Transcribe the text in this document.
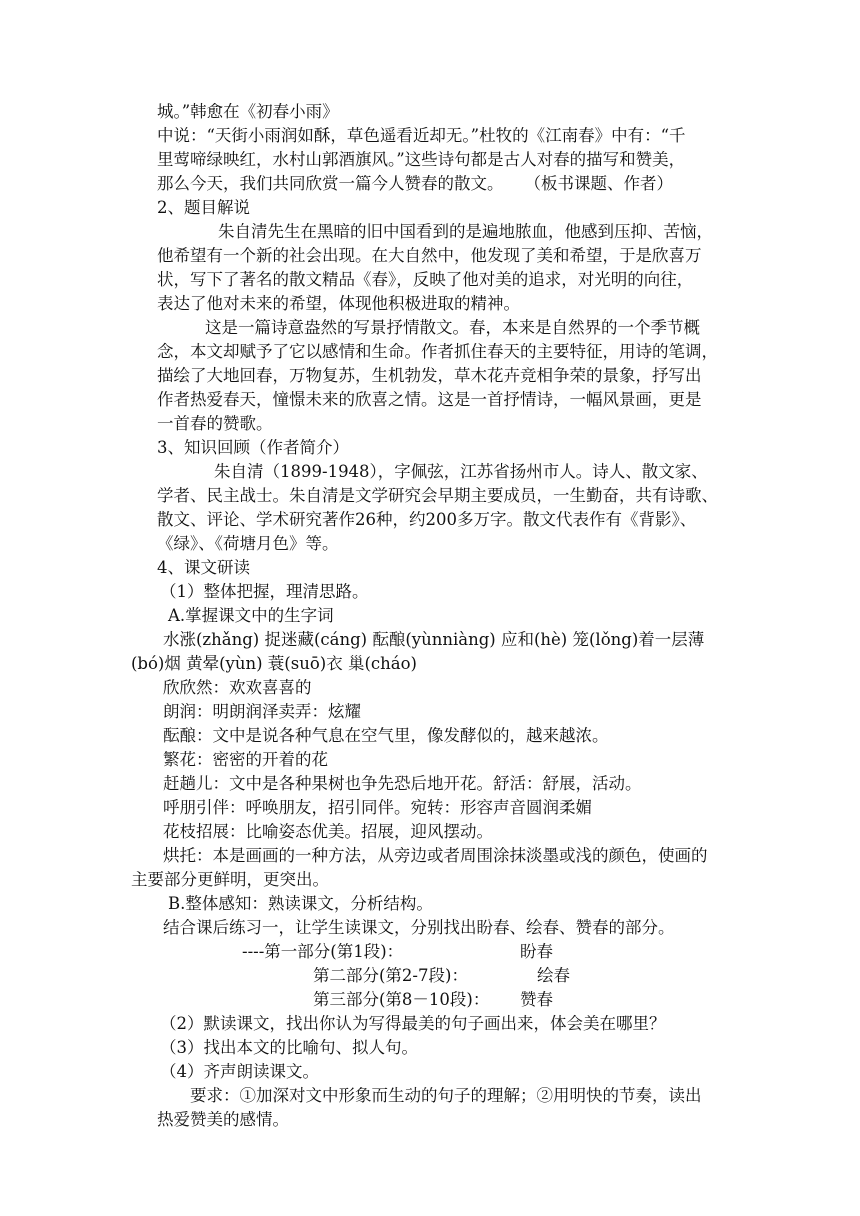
城。”韩愈在《初春小雨》
中说：“天街小雨润如酥，草色遥看近却无。”杜牧的《江南春》中有：“千
里莺啼绿映红，水村山郭酒旗风。”这些诗句都是古人对春的描写和赞美，
那么今天，我们共同欣赏一篇今人赞春的散文。    （板书课题、作者）
2、题目解说
朱自清先生在黑暗的旧中国看到的是遍地脓血，他感到压抑、苦恼，
他希望有一个新的社会出现。在大自然中，他发现了美和希望，于是欣喜万
状，写下了著名的散文精品《春》，反映了他对美的追求，对光明的向往，
表达了他对未来的希望，体现他积极进取的精神。
这是一篇诗意盎然的写景抒情散文。春，本来是自然界的一个季节概
念，本文却赋予了它以感情和生命。作者抓住春天的主要特征，用诗的笔调，
描绘了大地回春，万物复苏，生机勃发，草木花卉竞相争荣的景象，抒写出
作者热爱春天，憧憬未来的欣喜之情。这是一首抒情诗，一幅风景画，更是
一首春的赞歌。
3、知识回顾（作者简介）
朱自清（1899-1948），字佩弦，江苏省扬州市人。诗人、散文家、
学者、民主战士。朱自清是文学研究会早期主要成员，一生勤奋，共有诗歌、
散文、评论、学术研究著作26种，约200多万字。散文代表作有《背影》、
《绿》、《荷塘月色》等。
4、课文研读
（1）整体把握，理清思路。
A.掌握课文中的生字词
水涨(zhǎng) 捉迷藏(cáng) 酝酿(yùnniàng) 应和(hè) 笼(lǒng)着一层薄
(bó)烟 黄晕(yùn) 蓑(suō)衣 巢(cháo)
欣欣然：欢欢喜喜的
朗润：明朗润泽卖弄：炫耀
酝酿：文中是说各种气息在空气里，像发酵似的，越来越浓。
繁花：密密的开着的花
赶趟儿：文中是各种果树也争先恐后地开花。舒活：舒展，活动。
呼朋引伴：呼唤朋友，招引同伴。宛转：形容声音圆润柔媚
花枝招展：比喻姿态优美。招展，迎风摆动。
烘托：本是画画的一种方法，从旁边或者周围涂抹淡墨或浅的颜色，使画的
主要部分更鲜明，更突出。
B.整体感知：熟读课文，分析结构。
结合课后练习一，让学生读课文，分别找出盼春、绘春、赞春的部分。
----第一部分(第1段)：	盼春
第二部分(第2-7段)：	绘春
第三部分(第8－10段)： 赞春
（2）默读课文，找出你认为写得最美的句子画出来，体会美在哪里？
（3）找出本文的比喻句、拟人句。
（4）齐声朗读课文。
要求：①加深对文中形象而生动的句子的理解；②用明快的节奏，读出
热爱赞美的感情。
